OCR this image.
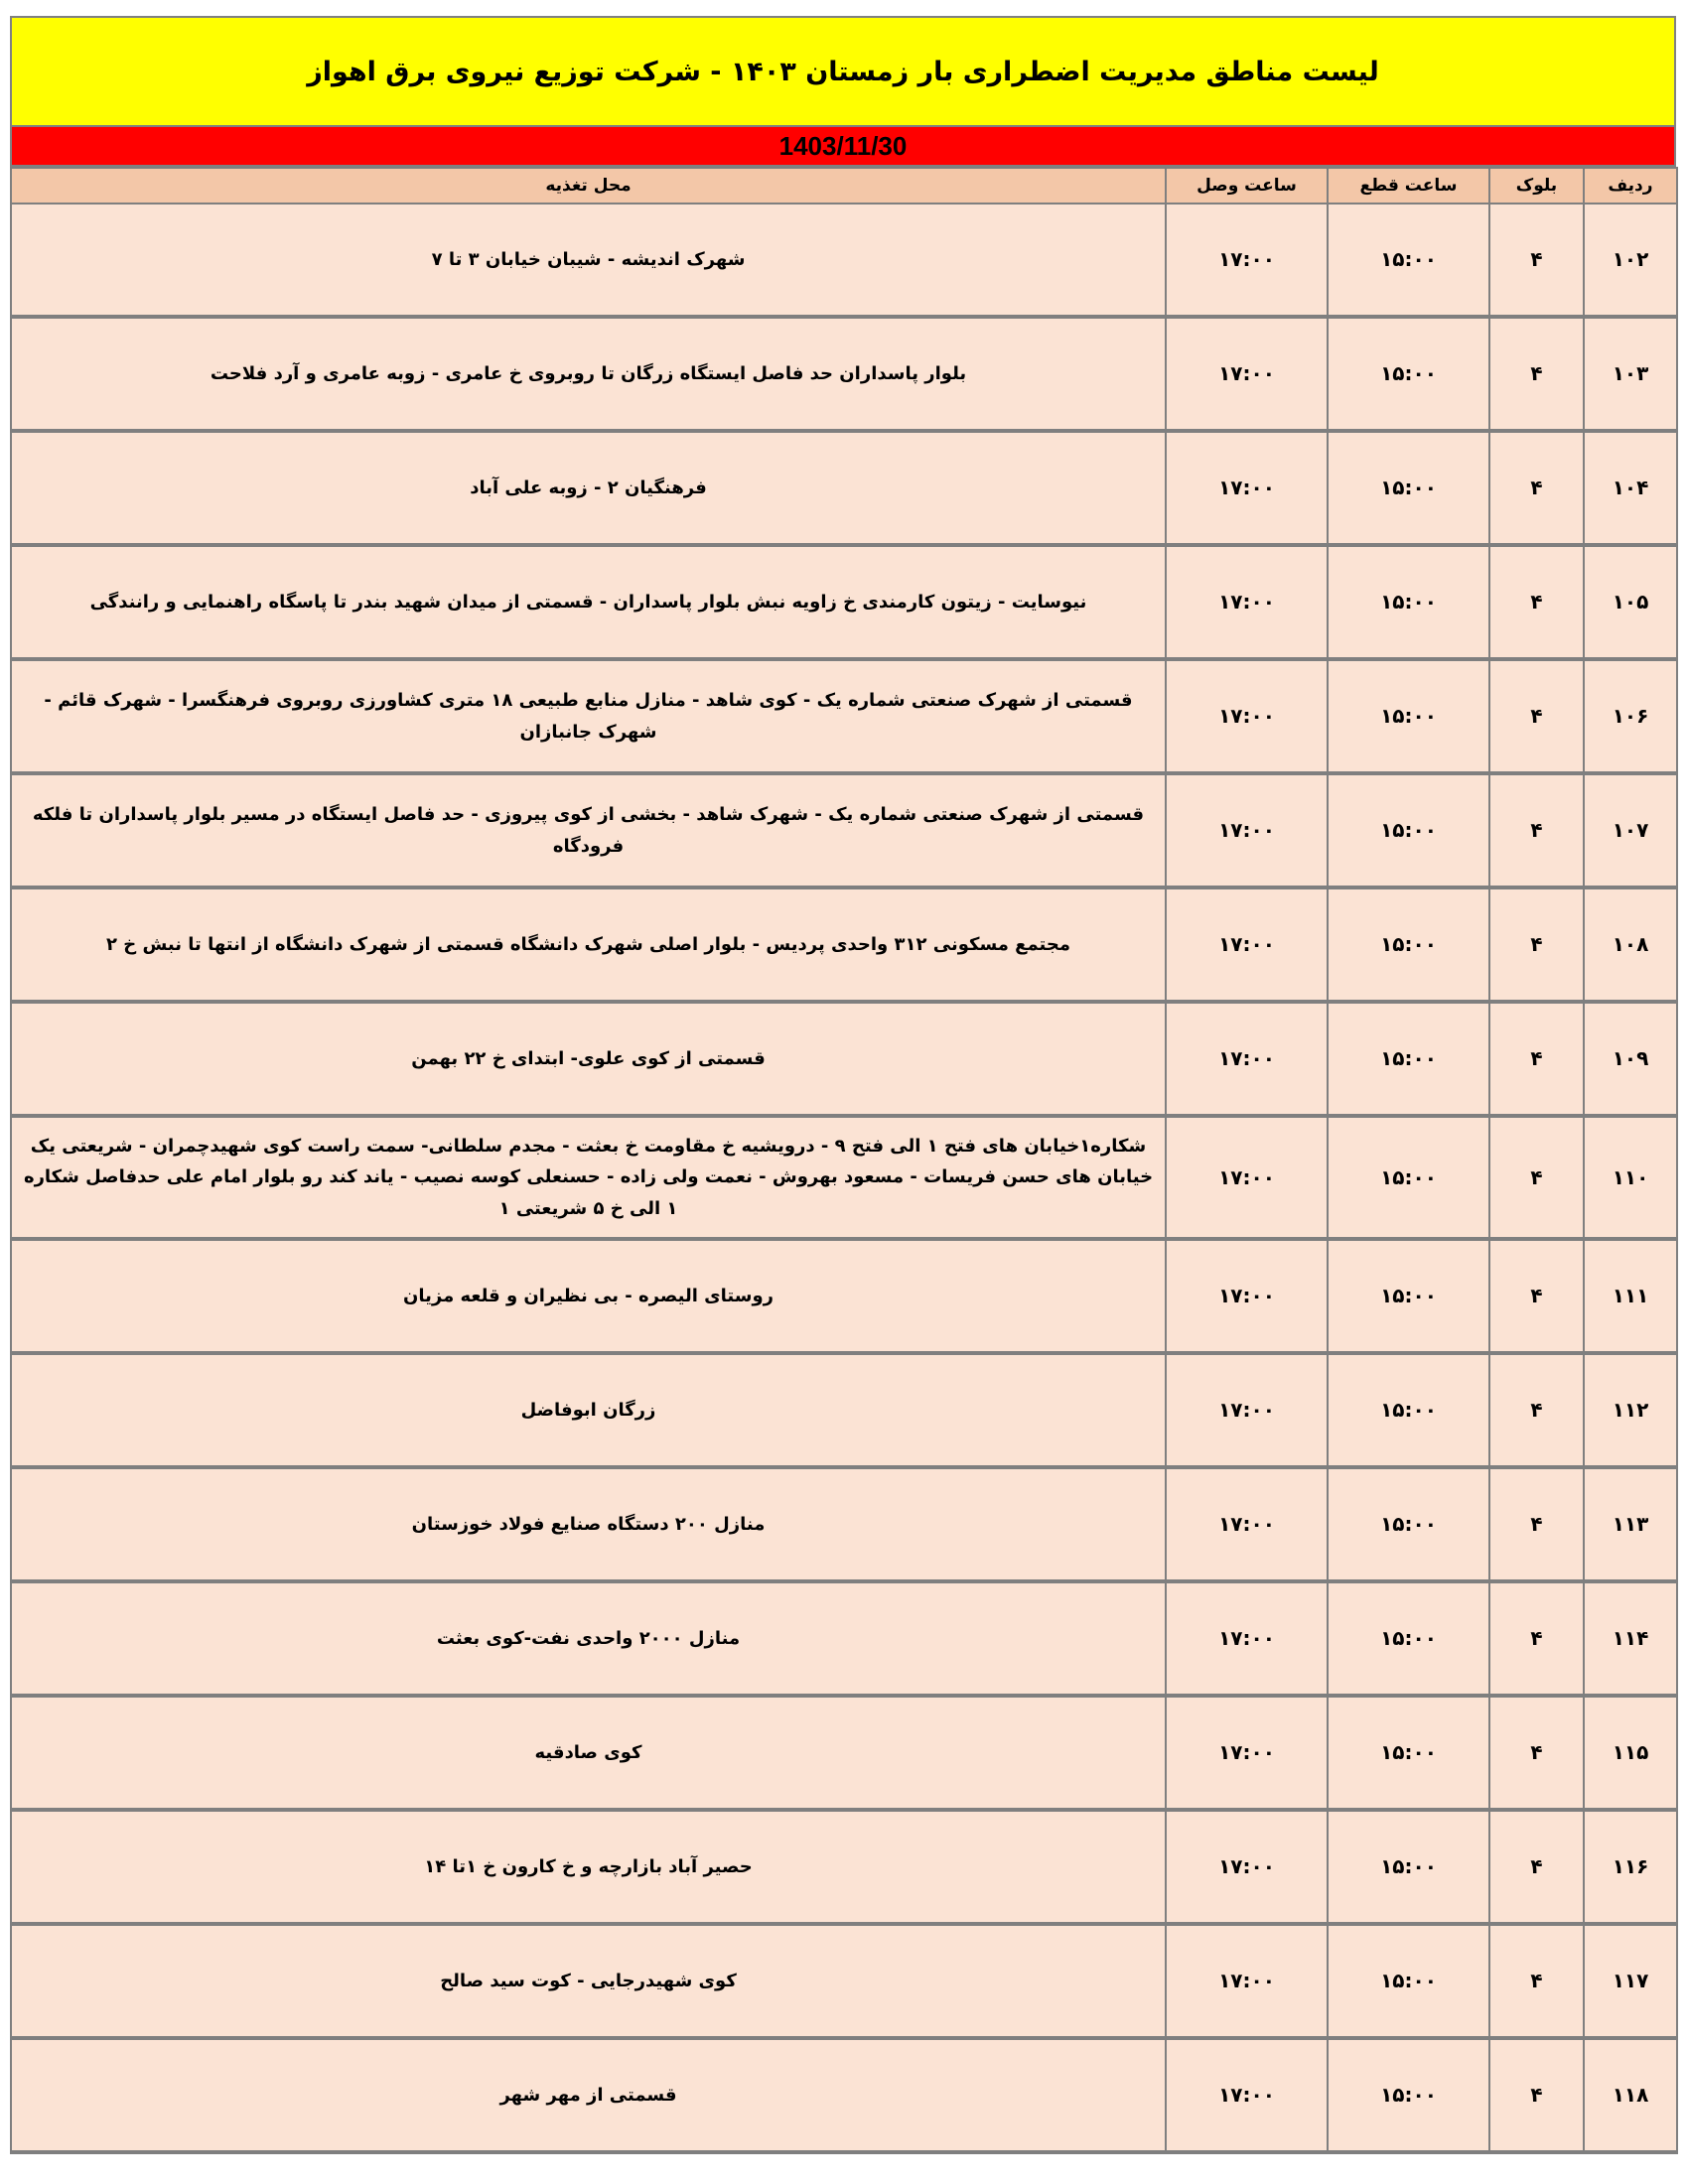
لیست مناطق مدیریت اضطراری بار زمستان ۱۴۰۳ - شرکت توزیع نیروی برق اهواز
1403/11/30
ردیف	بلوک	ساعت قطع	ساعت وصل	محل تغذیه
۱۰۲	۴	۱۵:۰۰	۱۷:۰۰	شهرک اندیشه - شیبان خیابان ۳ تا ۷
۱۰۳	۴	۱۵:۰۰	۱۷:۰۰	بلوار پاسداران حد فاصل ایستگاه زرگان تا روبروی خ عامری - زوبه عامری و آرد فلاحت
۱۰۴	۴	۱۵:۰۰	۱۷:۰۰	فرهنگیان ۲ - زوبه علی آباد
۱۰۵	۴	۱۵:۰۰	۱۷:۰۰	نیوسایت - زیتون کارمندی خ زاویه نبش بلوار پاسداران - قسمتی از میدان شهید بندر تا پاسگاه راهنمایی و رانندگی
۱۰۶	۴	۱۵:۰۰	۱۷:۰۰	قسمتی از شهرک صنعتی شماره یک - کوی شاهد - منازل منابع طبیعی ۱۸ متری کشاورزی روبروی فرهنگسرا - شهرک قائم - شهرک جانبازان
۱۰۷	۴	۱۵:۰۰	۱۷:۰۰	قسمتی از شهرک صنعتی شماره یک - شهرک شاهد - بخشی از کوی پیروزی - حد فاصل ایستگاه در مسیر بلوار پاسداران تا فلکه فرودگاه
۱۰۸	۴	۱۵:۰۰	۱۷:۰۰	مجتمع مسکونی ۳۱۲ واحدی پردیس - بلوار اصلی شهرک دانشگاه قسمتی از شهرک دانشگاه از انتها تا نبش خ ۲
۱۰۹	۴	۱۵:۰۰	۱۷:۰۰	قسمتی از کوی علوی- ابتدای خ ۲۲ بهمن
۱۱۰	۴	۱۵:۰۰	۱۷:۰۰	شکاره۱خیابان های فتح ۱ الی فتح ۹ - درویشیه خ مقاومت خ بعثت - مجدم سلطانی- سمت راست کوی شهیدچمران - شریعتی یک خیابان های حسن فریسات - مسعود بهروش - نعمت ولی زاده - حسنعلی کوسه نصیب - یاند کند رو بلوار امام علی حدفاصل شکاره ۱ الی خ ۵ شریعتی ۱
۱۱۱	۴	۱۵:۰۰	۱۷:۰۰	روستای الیصره - بی نظیران و قلعه مزیان
۱۱۲	۴	۱۵:۰۰	۱۷:۰۰	زرگان ابوفاضل
۱۱۳	۴	۱۵:۰۰	۱۷:۰۰	منازل ۲۰۰ دستگاه صنایع فولاد خوزستان
۱۱۴	۴	۱۵:۰۰	۱۷:۰۰	منازل ۲۰۰۰ واحدی نفت-کوی بعثت
۱۱۵	۴	۱۵:۰۰	۱۷:۰۰	کوی صادقیه
۱۱۶	۴	۱۵:۰۰	۱۷:۰۰	حصیر آباد بازارچه و خ کارون خ ۱تا ۱۴
۱۱۷	۴	۱۵:۰۰	۱۷:۰۰	کوی شهیدرجایی - کوت سید صالح
۱۱۸	۴	۱۵:۰۰	۱۷:۰۰	قسمتی از مهر شهر
